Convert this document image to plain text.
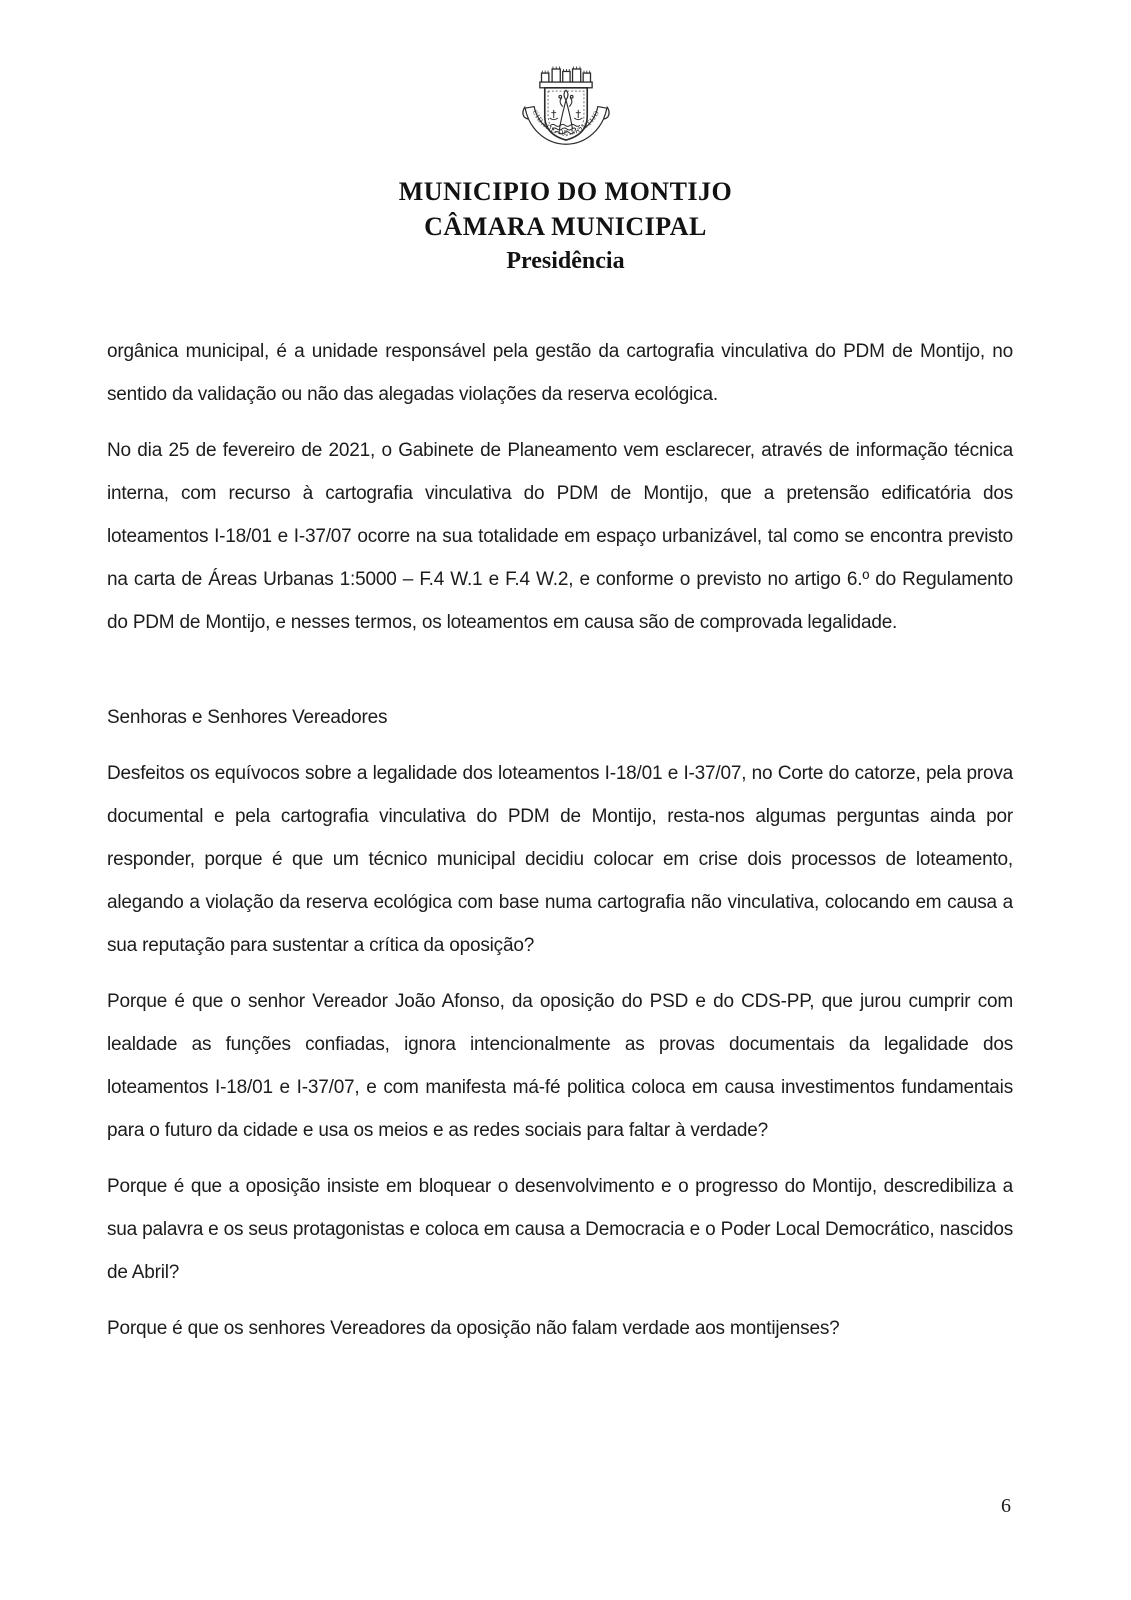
CIDADE DE MONTIJO
MUNICIPIO DO MONTIJO
CÂMARA MUNICIPAL
Presidência

orgânica municipal, é a unidade responsável pela gestão da cartografia vinculativa do PDM de Montijo, no sentido da validação ou não das alegadas violações da reserva ecológica.

No dia 25 de fevereiro de 2021, o Gabinete de Planeamento vem esclarecer, através de informação técnica interna, com recurso à cartografia vinculativa do PDM de Montijo, que a pretensão edificatória dos loteamentos I-18/01 e I-37/07 ocorre na sua totalidade em espaço urbanizável, tal como se encontra previsto na carta de Áreas Urbanas 1:5000 – F.4 W.1 e F.4 W.2, e conforme o previsto no artigo 6.º do Regulamento do PDM de Montijo, e nesses termos, os loteamentos em causa são de comprovada legalidade.

Senhoras e Senhores Vereadores

Desfeitos os equívocos sobre a legalidade dos loteamentos I-18/01 e I-37/07, no Corte do catorze, pela prova documental e pela cartografia vinculativa do PDM de Montijo, resta-nos algumas perguntas ainda por responder, porque é que um técnico municipal decidiu colocar em crise dois processos de loteamento, alegando a violação da reserva ecológica com base numa cartografia não vinculativa, colocando em causa a sua reputação para sustentar a crítica da oposição?

Porque é que o senhor Vereador João Afonso, da oposição do PSD e do CDS-PP, que jurou cumprir com lealdade as funções confiadas, ignora intencionalmente as provas documentais da legalidade dos loteamentos I-18/01 e I-37/07, e com manifesta má-fé politica coloca em causa investimentos fundamentais para o futuro da cidade e usa os meios e as redes sociais para faltar à verdade?

Porque é que a oposição insiste em bloquear o desenvolvimento e o progresso do Montijo, descredibiliza a sua palavra e os seus protagonistas e coloca em causa a Democracia e o Poder Local Democrático, nascidos de Abril?

Porque é que os senhores Vereadores da oposição não falam verdade aos montijenses?

6
